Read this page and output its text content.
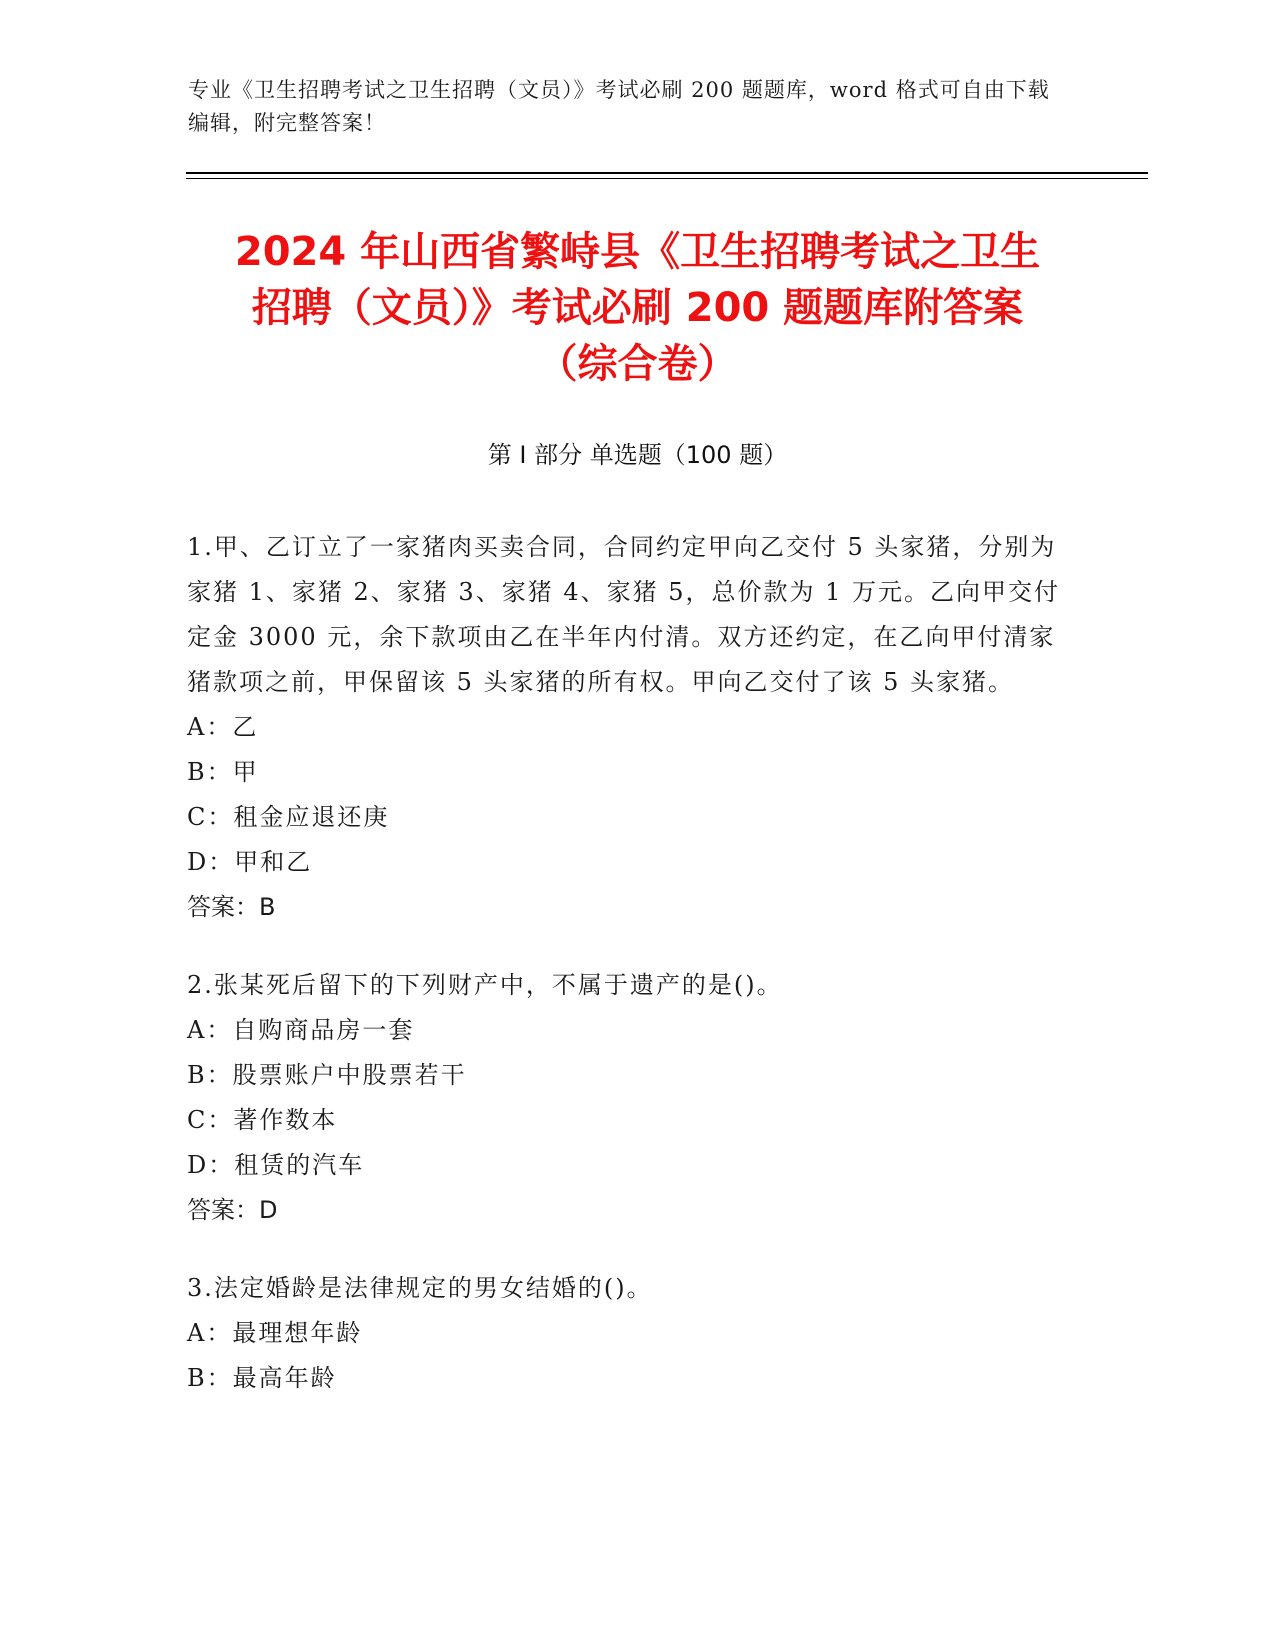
专业《卫生招聘考试之卫生招聘（文员）》考试必刷 200 题题库，word 格式可自由下载编辑，附完整答案！
2024 年山西省繁峙县《卫生招聘考试之卫生
招聘（文员）》考试必刷 200 题题库附答案
（综合卷）
第 I 部分 单选题（100 题）

1.甲、乙订立了一家猪肉买卖合同，合同约定甲向乙交付 5 头家猪，分别为家猪 1、家猪 2、家猪 3、家猪 4、家猪 5，总价款为 1 万元。乙向甲交付定金 3000 元，余下款项由乙在半年内付清。双方还约定，在乙向甲付清家猪款项之前，甲保留该 5 头家猪的所有权。甲向乙交付了该 5 头家猪。

A：乙

B：甲

C：租金应退还庚

D：甲和乙

答案：B

2.张某死后留下的下列财产中，不属于遗产的是()。

A：自购商品房一套

B：股票账户中股票若干

C：著作数本

D：租赁的汽车

答案：D

3.法定婚龄是法律规定的男女结婚的()。

A：最理想年龄

B：最高年龄
